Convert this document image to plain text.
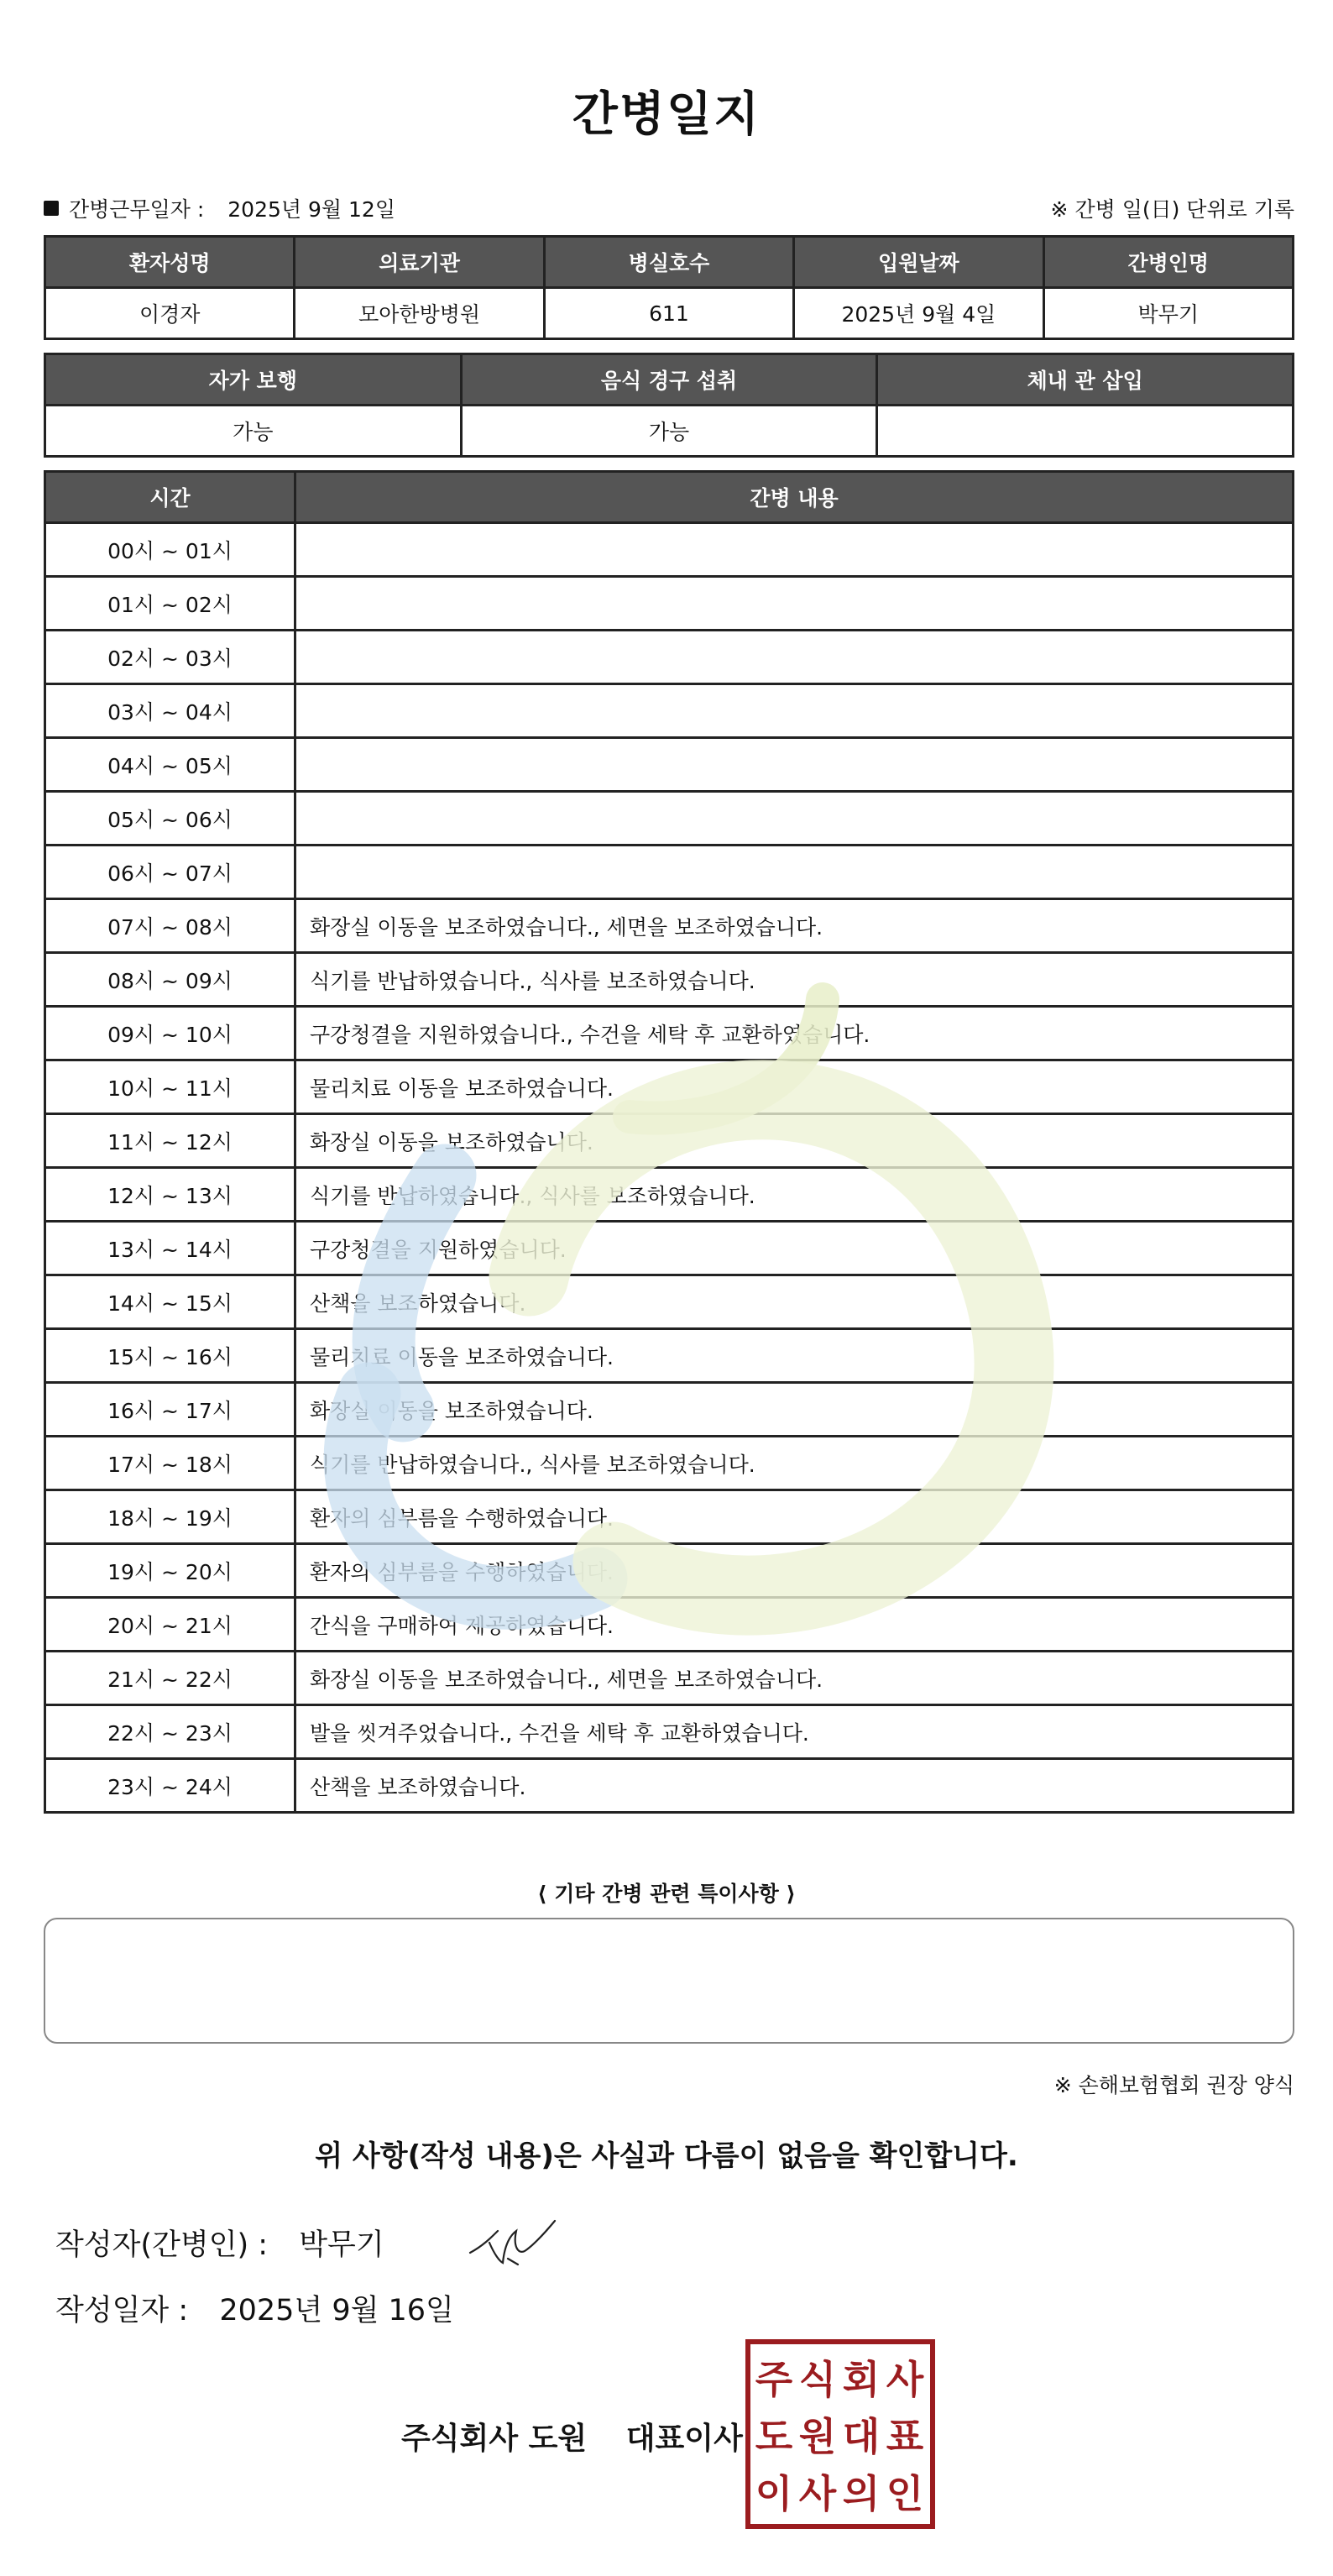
간병일지
간병근무일자 : 2025년 9월 12일	※ 간병 일(日) 단위로 기록
환자성명	의료기관	병실호수	입원날짜	간병인명
이경자	모아한방병원	611	2025년 9월 4일	박무기
자가 보행	음식 경구 섭취	체내 관 삽입
가능	가능	
시간	간병 내용
00시 ~ 01시	
01시 ~ 02시	
02시 ~ 03시	
03시 ~ 04시	
04시 ~ 05시	
05시 ~ 06시	
06시 ~ 07시	
07시 ~ 08시	화장실 이동을 보조하였습니다., 세면을 보조하였습니다.
08시 ~ 09시	식기를 반납하였습니다., 식사를 보조하였습니다.
09시 ~ 10시	구강청결을 지원하였습니다., 수건을 세탁 후 교환하였습니다.
10시 ~ 11시	물리치료 이동을 보조하였습니다.
11시 ~ 12시	화장실 이동을 보조하였습니다.
12시 ~ 13시	식기를 반납하였습니다., 식사를 보조하였습니다.
13시 ~ 14시	구강청결을 지원하였습니다.
14시 ~ 15시	산책을 보조하였습니다.
15시 ~ 16시	물리치료 이동을 보조하였습니다.
16시 ~ 17시	화장실 이동을 보조하였습니다.
17시 ~ 18시	식기를 반납하였습니다., 식사를 보조하였습니다.
18시 ~ 19시	환자의 심부름을 수행하였습니다.
19시 ~ 20시	환자의 심부름을 수행하였습니다.
20시 ~ 21시	간식을 구매하여 제공하였습니다.
21시 ~ 22시	화장실 이동을 보조하였습니다., 세면을 보조하였습니다.
22시 ~ 23시	발을 씻겨주었습니다., 수건을 세탁 후 교환하였습니다.
23시 ~ 24시	산책을 보조하였습니다.
⟨ 기타 간병 관련 특이사항 ⟩
※ 손해보험협회 권장 양식
위 사항(작성 내용)은 사실과 다름이 없음을 확인합니다.
작성자(간병인) : 박무기
작성일자 : 2025년 9월 16일
주식회사 도원 대표이사
주 식 회 사
도 원 대 표
이 사 의 인
